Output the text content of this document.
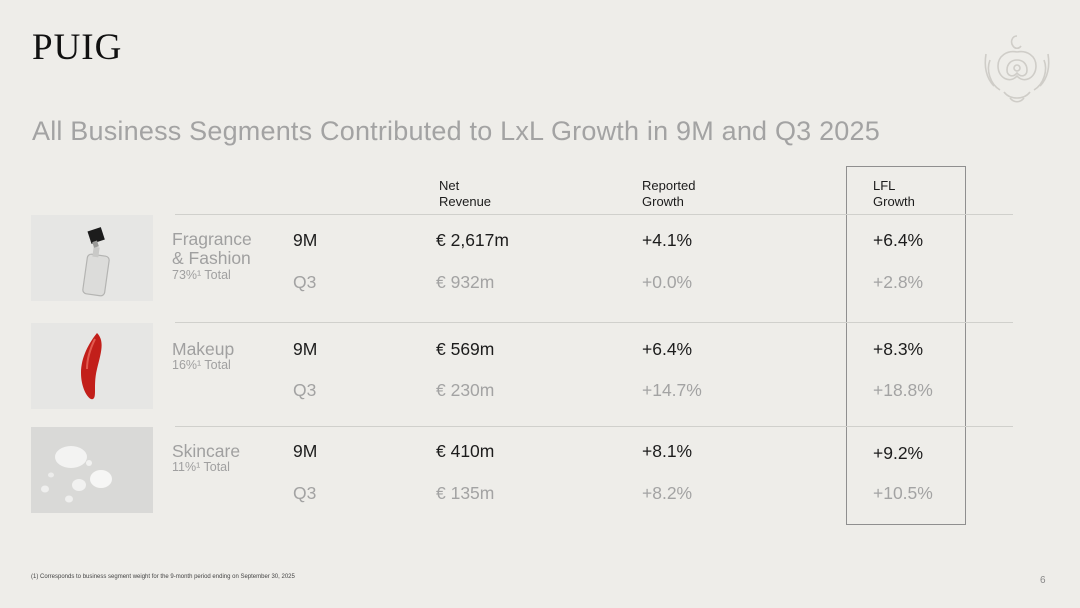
PUIG
All Business Segments Contributed to LxL Growth in 9M and Q3 2025
Net
Revenue
Reported
Growth
LFL
Growth
Fragrance
& Fashion
73%¹ Total
9M	€ 2,617m	+4.1%	+6.4%
Q3	€ 932m	+0.0%	+2.8%
Makeup
16%¹ Total
9M	€ 569m	+6.4%	+8.3%
Q3	€ 230m	+14.7%	+18.8%
Skincare
11%¹ Total
9M	€ 410m	+8.1%	+9.2%
Q3	€ 135m	+8.2%	+10.5%
(1) Corresponds to business segment weight for the 9-month period ending on September 30, 2025	6
